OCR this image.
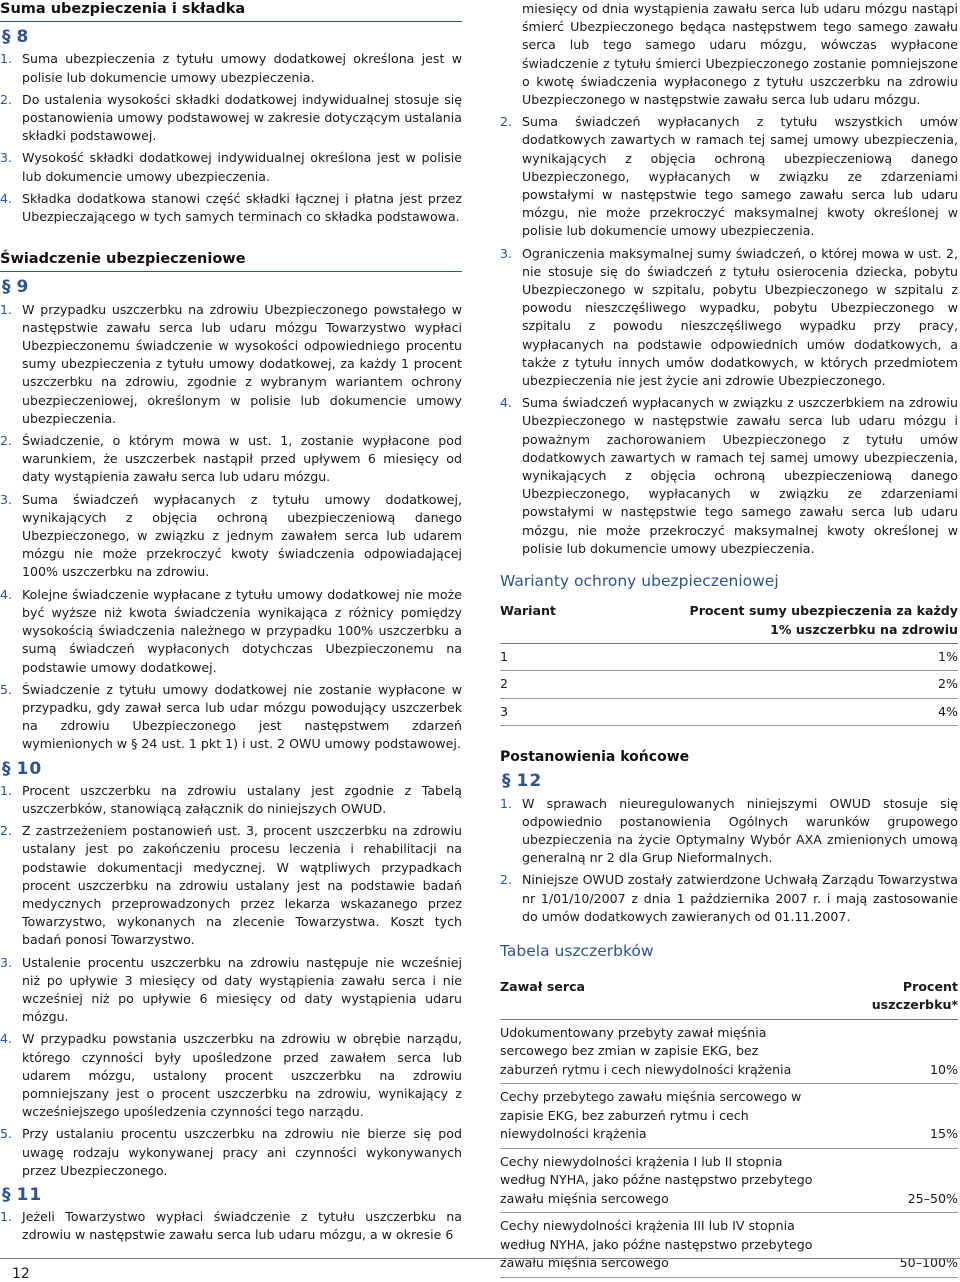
Suma ubezpieczenia i składka
§ 8
1. Suma ubezpieczenia z tytułu umowy dodatkowej określona jest w polisie lub dokumencie umowy ubezpieczenia.
2. Do ustalenia wysokości składki dodatkowej indywidualnej stosuje się postanowienia umowy podstawowej w zakresie dotyczącym ustalania składki podstawowej.
3. Wysokość składki dodatkowej indywidualnej określona jest w polisie lub dokumencie umowy ubezpieczenia.
4. Składka dodatkowa stanowi część składki łącznej i płatna jest przez Ubezpieczającego w tych samych terminach co składka podstawowa.
Świadczenie ubezpieczeniowe
§ 9
1. W przypadku uszczerbku na zdrowiu Ubezpieczonego powstałego w następstwie zawału serca lub udaru mózgu Towarzystwo wypłaci Ubezpieczonemu świadczenie w wysokości odpowiedniego procentu sumy ubezpieczenia z tytułu umowy dodatkowej, za każdy 1 procent uszczerbku na zdrowiu, zgodnie z wybranym wariantem ochrony ubezpieczeniowej, określonym w polisie lub dokumencie umowy ubezpieczenia.
2. Świadczenie, o którym mowa w ust. 1, zostanie wypłacone pod warunkiem, że uszczerbek nastąpił przed upływem 6 miesięcy od daty wystąpienia zawału serca lub udaru mózgu.
3. Suma świadczeń wypłacanych z tytułu umowy dodatkowej, wynikających z objęcia ochroną ubezpieczeniową danego Ubezpieczonego, w związku z jednym zawałem serca lub udarem mózgu nie może przekroczyć kwoty świadczenia odpowiadającej 100% uszczerbku na zdrowiu.
4. Kolejne świadczenie wypłacane z tytułu umowy dodatkowej nie może być wyższe niż kwota świadczenia wynikająca z różnicy pomiędzy wysokością świadczenia należnego w przypadku 100% uszczerbku a sumą świadczeń wypłaconych dotychczas Ubezpieczonemu na podstawie umowy dodatkowej.
5. Świadczenie z tytułu umowy dodatkowej nie zostanie wypłacone w przypadku, gdy zawał serca lub udar mózgu powodujący uszczerbek na zdrowiu Ubezpieczonego jest następstwem zdarzeń wymienionych w § 24 ust. 1 pkt 1) i ust. 2 OWU umowy podstawowej.
§ 10
1. Procent uszczerbku na zdrowiu ustalany jest zgodnie z Tabelą uszczerbków, stanowiącą załącznik do niniejszych OWUD.
2. Z zastrzeżeniem postanowień ust. 3, procent uszczerbku na zdrowiu ustalany jest po zakończeniu procesu leczenia i rehabilitacji na podstawie dokumentacji medycznej. W wątpliwych przypadkach procent uszczerbku na zdrowiu ustalany jest na podstawie badań medycznych przeprowadzonych przez lekarza wskazanego przez Towarzystwo, wykonanych na zlecenie Towarzystwa. Koszt tych badań ponosi Towarzystwo.
3. Ustalenie procentu uszczerbku na zdrowiu następuje nie wcześniej niż po upływie 3 miesięcy od daty wystąpienia zawału serca i nie wcześniej niż po upływie 6 miesięcy od daty wystąpienia udaru mózgu.
4. W przypadku powstania uszczerbku na zdrowiu w obrębie narządu, którego czynności były upośledzone przed zawałem serca lub udarem mózgu, ustalony procent uszczerbku na zdrowiu pomniejszany jest o procent uszczerbku na zdrowiu, wynikający z wcześniejszego upośledzenia czynności tego narządu.
5. Przy ustalaniu procentu uszczerbku na zdrowiu nie bierze się pod uwagę rodzaju wykonywanej pracy ani czynności wykonywanych przez Ubezpieczonego.
§ 11
1. Jeżeli Towarzystwo wypłaci świadczenie z tytułu uszczerbku na zdrowiu w następstwie zawału serca lub udaru mózgu, a w okresie 6
miesięcy od dnia wystąpienia zawału serca lub udaru mózgu nastąpi śmierć Ubezpieczonego będąca następstwem tego samego zawału serca lub tego samego udaru mózgu, wówczas wypłacone świadczenie z tytułu śmierci Ubezpieczonego zostanie pomniejszone o kwotę świadczenia wypłaconego z tytułu uszczerbku na zdrowiu Ubezpieczonego w następstwie zawału serca lub udaru mózgu.
2. Suma świadczeń wypłacanych z tytułu wszystkich umów dodatkowych zawartych w ramach tej samej umowy ubezpieczenia, wynikających z objęcia ochroną ubezpieczeniową danego Ubezpieczonego, wypłacanych w związku ze zdarzeniami powstałymi w następstwie tego samego zawału serca lub udaru mózgu, nie może przekroczyć maksymalnej kwoty określonej w polisie lub dokumencie umowy ubezpieczenia.
3. Ograniczenia maksymalnej sumy świadczeń, o której mowa w ust. 2, nie stosuje się do świadczeń z tytułu osierocenia dziecka, pobytu Ubezpieczonego w szpitalu, pobytu Ubezpieczonego w szpitalu z powodu nieszczęśliwego wypadku, pobytu Ubezpieczonego w szpitalu z powodu nieszczęśliwego wypadku przy pracy, wypłacanych na podstawie odpowiednich umów dodatkowych, a także z tytułu innych umów dodatkowych, w których przedmiotem ubezpieczenia nie jest życie ani zdrowie Ubezpieczonego.
4. Suma świadczeń wypłacanych w związku z uszczerbkiem na zdrowiu Ubezpieczonego w następstwie zawału serca lub udaru mózgu i poważnym zachorowaniem Ubezpieczonego z tytułu umów dodatkowych zawartych w ramach tej samej umowy ubezpieczenia, wynikających z objęcia ochroną ubezpieczeniową danego Ubezpieczonego, wypłacanych w związku ze zdarzeniami powstałymi w następstwie tego samego zawału serca lub udaru mózgu, nie może przekroczyć maksymalnej kwoty określonej w polisie lub dokumencie umowy ubezpieczenia.
Warianty ochrony ubezpieczeniowej
Wariant	Procent sumy ubezpieczenia za każdy 1% uszczerbku na zdrowiu
1	1%
2	2%
3	4%
Postanowienia końcowe
§ 12
1. W sprawach nieuregulowanych niniejszymi OWUD stosuje się odpowiednio postanowienia Ogólnych warunków grupowego ubezpieczenia na życie Optymalny Wybór AXA zmienionych umową generalną nr 2 dla Grup Nieformalnych.
2. Niniejsze OWUD zostały zatwierdzone Uchwałą Zarządu Towarzystwa nr 1/01/10/2007 z dnia 1 października 2007 r. i mają zastosowanie do umów dodatkowych zawieranych od 01.11.2007.
Tabela uszczerbków
Zawał serca	Procent uszczerbku*
Udokumentowany przebyty zawał mięśnia sercowego bez zmian w zapisie EKG, bez zaburzeń rytmu i cech niewydolności krążenia	10%
Cechy przebytego zawału mięśnia sercowego w zapisie EKG, bez zaburzeń rytmu i cech niewydolności krążenia	15%
Cechy niewydolności krążenia I lub II stopnia według NYHA, jako późne następstwo przebytego zawału mięśnia sercowego	25–50%
Cechy niewydolności krążenia III lub IV stopnia według NYHA, jako późne następstwo przebytego zawału mięśnia sercowego	50–100%
12
